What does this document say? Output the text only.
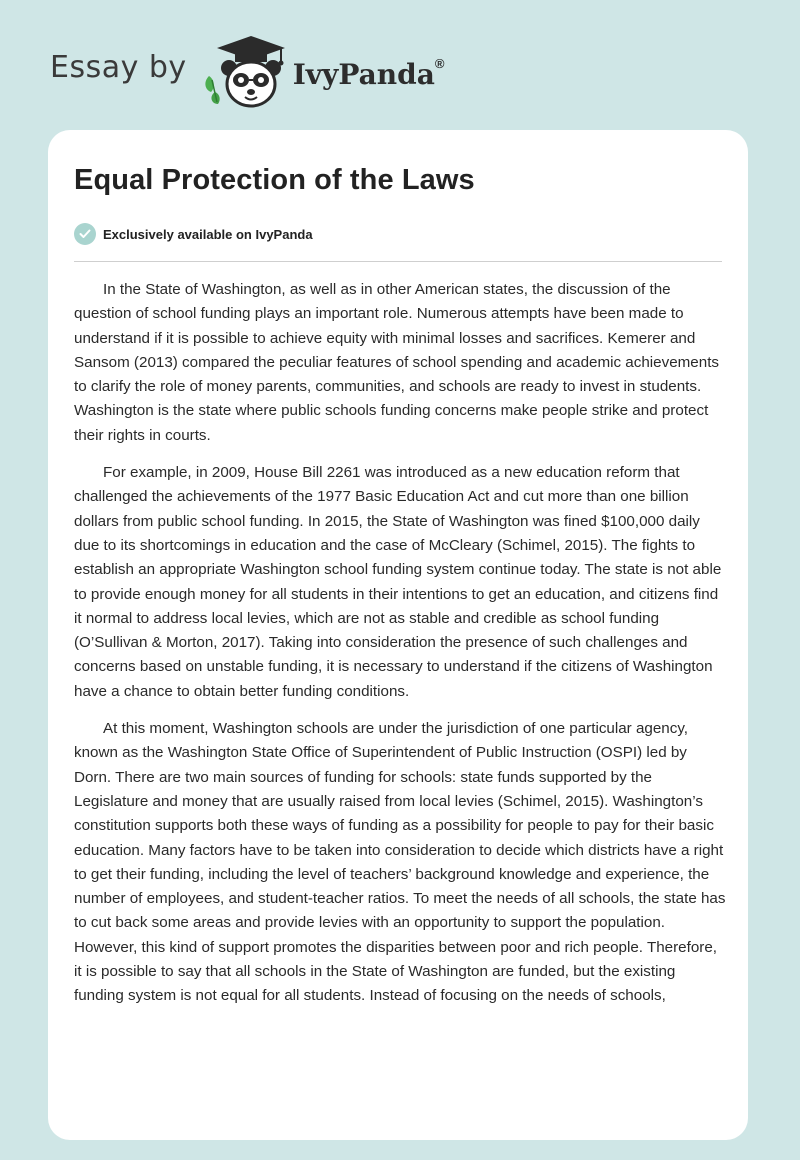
Essay by	IvyPanda®
Equal Protection of the Laws
Exclusively available on IvyPanda

In the State of Washington, as well as in other American states, the discussion of the question of school funding plays an important role. Numerous attempts have been made to understand if it is possible to achieve equity with minimal losses and sacrifices. Kemerer and Sansom (2013) compared the peculiar features of school spending and academic achievements to clarify the role of money parents, communities, and schools are ready to invest in students. Washington is the state where public schools funding concerns make people strike and protect their rights in courts.

For example, in 2009, House Bill 2261 was introduced as a new education reform that challenged the achievements of the 1977 Basic Education Act and cut more than one billion dollars from public school funding. In 2015, the State of Washington was fined $100,000 daily due to its shortcomings in education and the case of McCleary (Schimel, 2015). The fights to establish an appropriate Washington school funding system continue today. The state is not able to provide enough money for all students in their intentions to get an education, and citizens find it normal to address local levies, which are not as stable and credible as school funding (O’Sullivan & Morton, 2017). Taking into consideration the presence of such challenges and concerns based on unstable funding, it is necessary to understand if the citizens of Washington have a chance to obtain better funding conditions.

At this moment, Washington schools are under the jurisdiction of one particular agency, known as the Washington State Office of Superintendent of Public Instruction (OSPI) led by Dorn. There are two main sources of funding for schools: state funds supported by the Legislature and money that are usually raised from local levies (Schimel, 2015). Washington’s constitution supports both these ways of funding as a possibility for people to pay for their basic education. Many factors have to be taken into consideration to decide which districts have a right to get their funding, including the level of teachers’ background knowledge and experience, the number of employees, and student-teacher ratios. To meet the needs of all schools, the state has to cut back some areas and provide levies with an opportunity to support the population. However, this kind of support promotes the disparities between poor and rich people. Therefore, it is possible to say that all schools in the State of Washington are funded, but the existing funding system is not equal for all students. Instead of focusing on the needs of schools,
